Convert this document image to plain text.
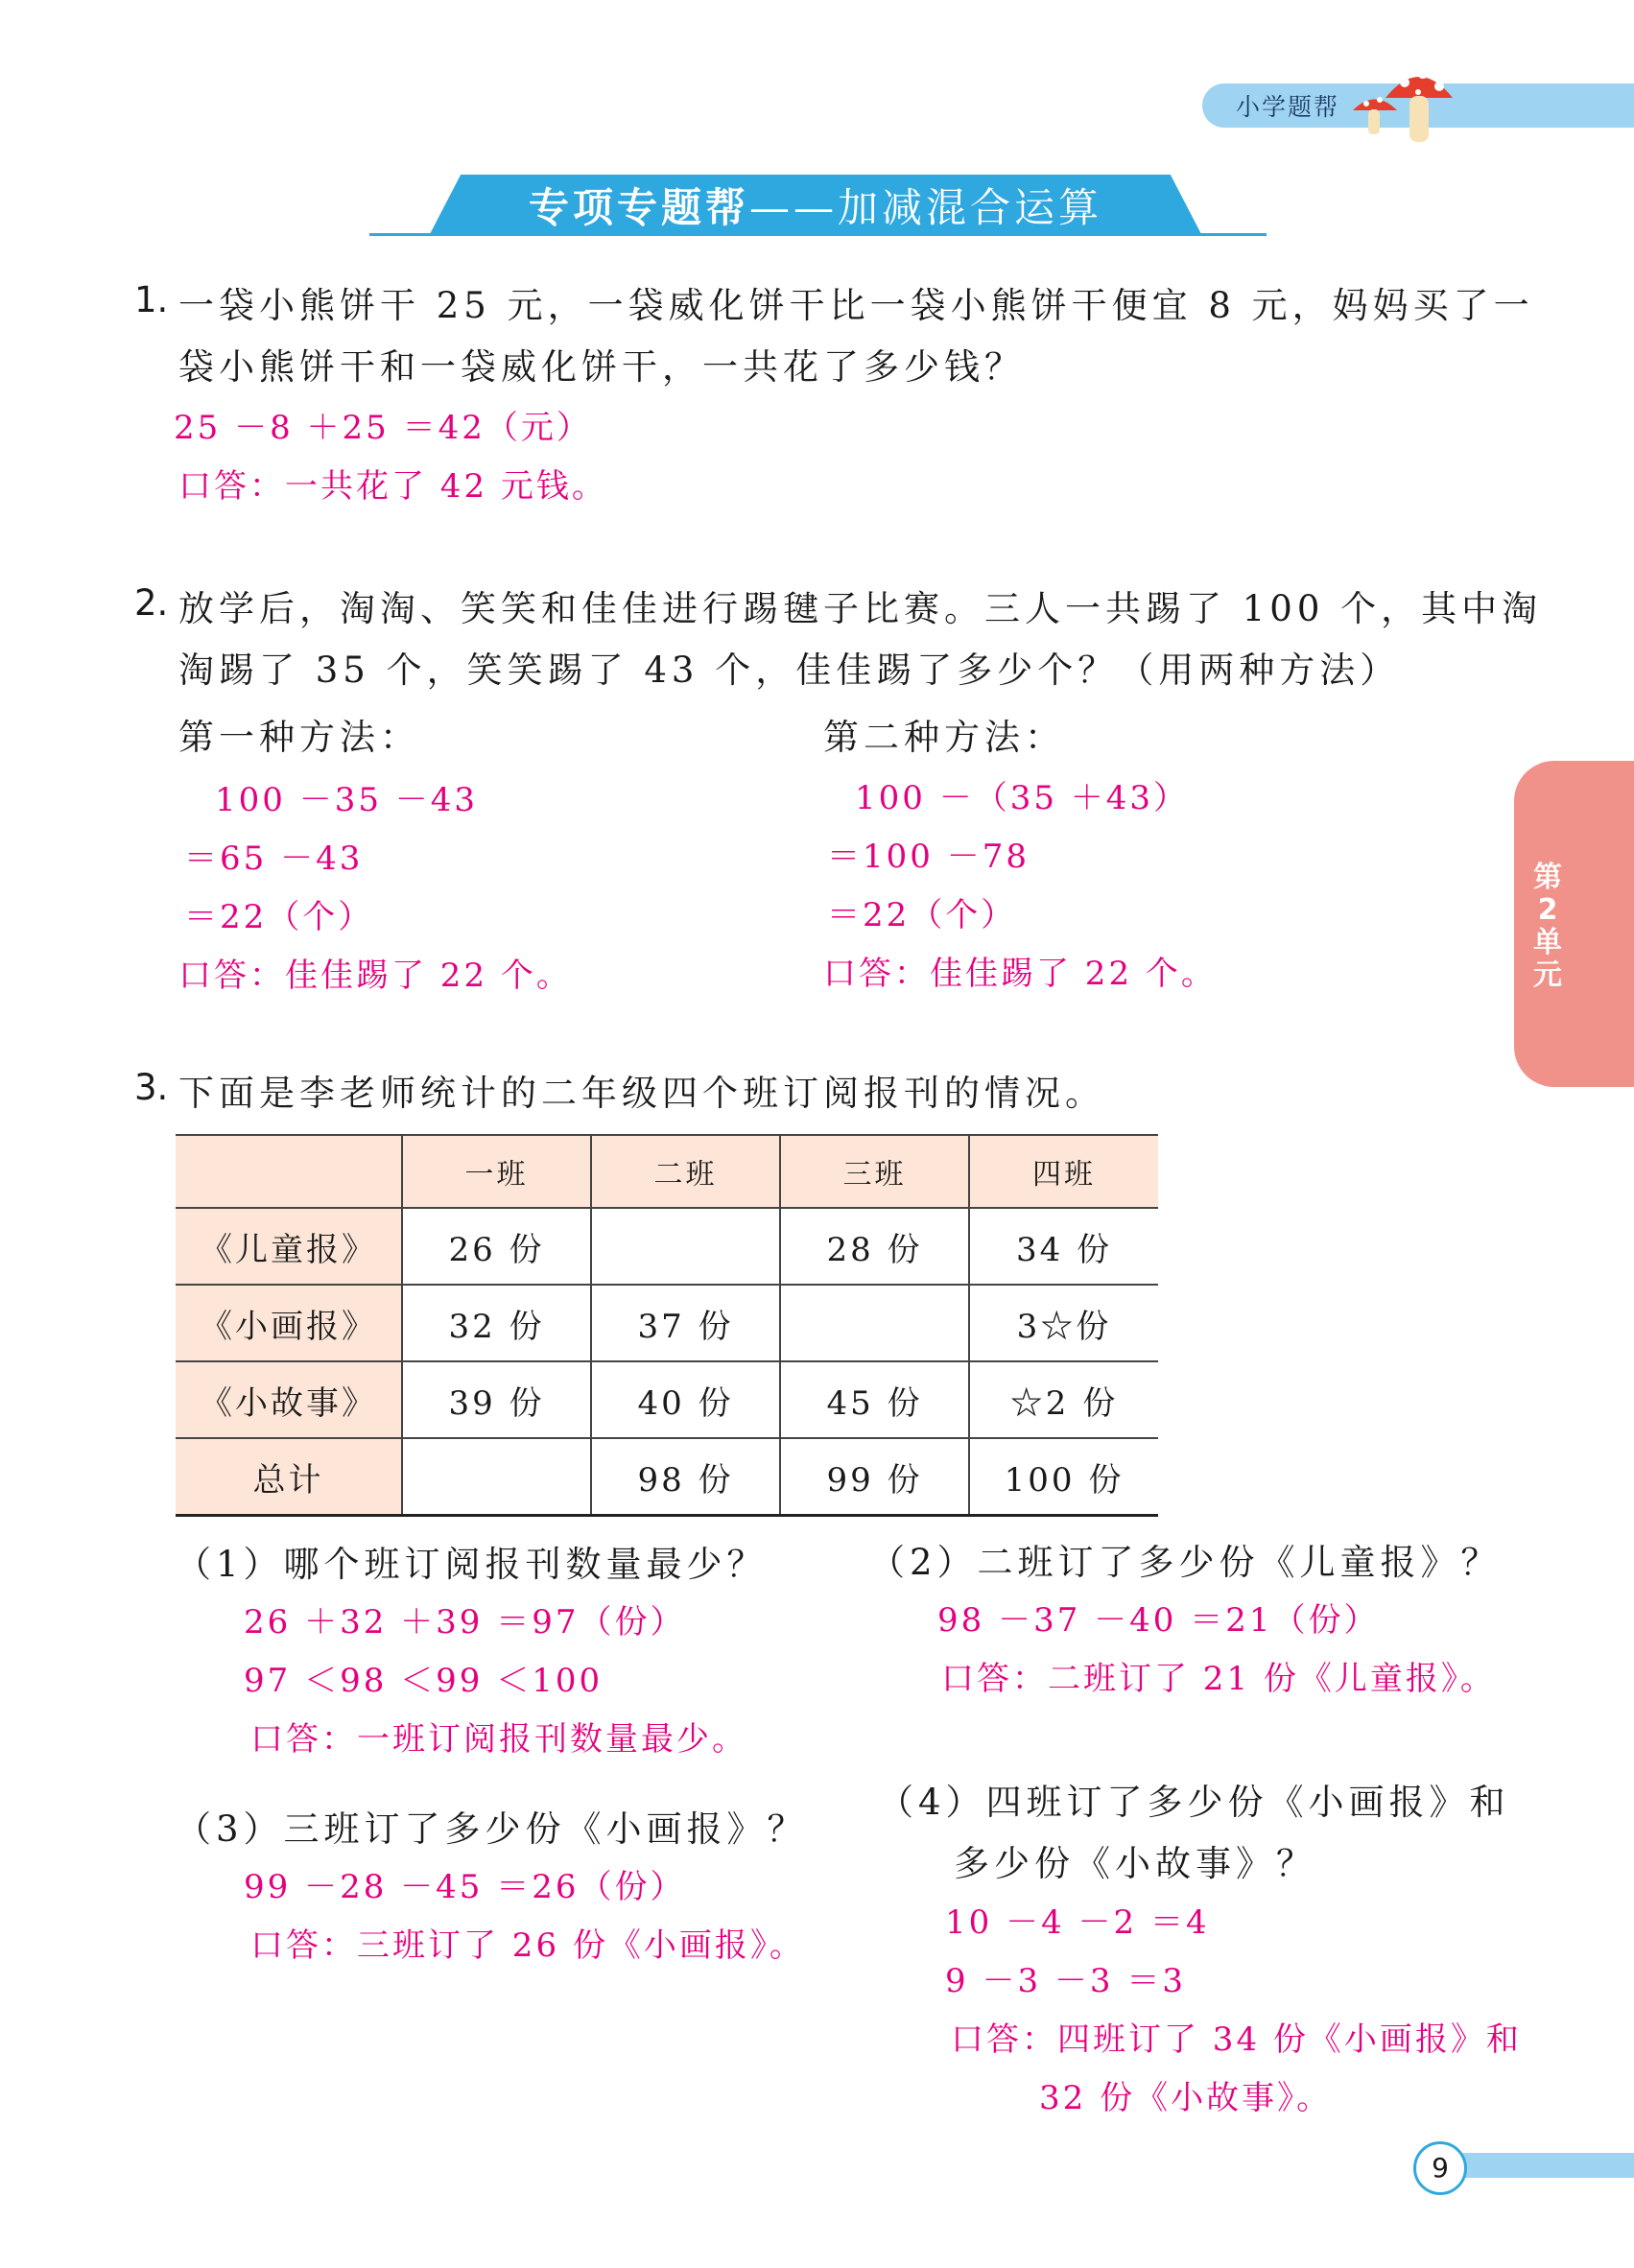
小学题帮
专项专题帮——加减混合运算
第2单元
1. 一袋小熊饼干 25 元，一袋威化饼干比一袋小熊饼干便宜 8 元，妈妈买了一
袋小熊饼干和一袋威化饼干，一共花了多少钱？
25 －8 ＋25 ＝42（元）
口答：一共花了 42 元钱。
2. 放学后，淘淘、笑笑和佳佳进行踢毽子比赛。三人一共踢了 100 个，其中淘
淘踢了 35 个，笑笑踢了 43 个，佳佳踢了多少个？（用两种方法）
第一种方法：
100 －35 －43
＝65 －43
＝22（个）
口答：佳佳踢了 22 个。
第二种方法：
100 －（35 ＋43）
＝100 －78
＝22（个）
口答：佳佳踢了 22 个。
3. 下面是李老师统计的二年级四个班订阅报刊的情况。
	一班	二班	三班	四班
《儿童报》	26 份		28 份	34 份
《小画报》	32 份	37 份		3☆份
《小故事》	39 份	40 份	45 份	☆2 份
总计		98 份	99 份	100 份
（1）哪个班订阅报刊数量最少？
26 ＋32 ＋39 ＝97（份）
97 ＜98 ＜99 ＜100
口答：一班订阅报刊数量最少。
（2）二班订了多少份《儿童报》？
98 －37 －40 ＝21（份）
口答：二班订了 21 份《儿童报》。
（3）三班订了多少份《小画报》？
99 －28 －45 ＝26（份）
口答：三班订了 26 份《小画报》。
（4）四班订了多少份《小画报》和
多少份《小故事》？
10 －4 －2 ＝4
9 －3 －3 ＝3
口答：四班订了 34 份《小画报》和
32 份《小故事》。
9
